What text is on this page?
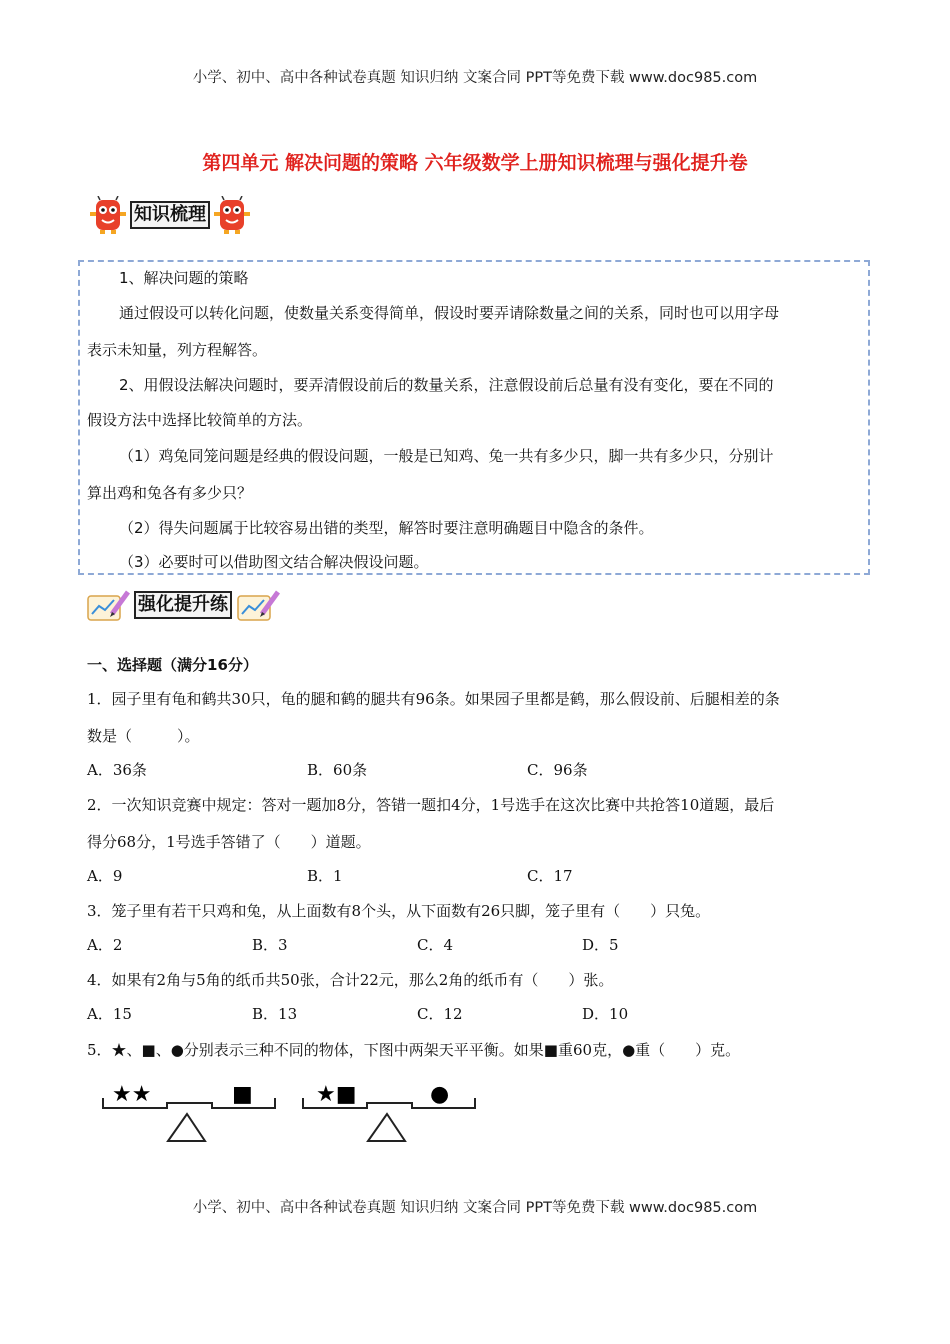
小学、初中、高中各种试卷真题 知识归纳 文案合同 PPT等免费下载 www.doc985.com
第四单元 解决问题的策略 六年级数学上册知识梳理与强化提升卷
知识梳理
1、解决问题的策略
通过假设可以转化问题，使数量关系变得简单，假设时要弄请除数量之间的关系，同时也可以用字母
表示未知量，列方程解答。
2、用假设法解决问题时，要弄清假设前后的数量关系，注意假设前后总量有没有变化，要在不同的
假设方法中选择比较简单的方法。
（1）鸡兔同笼问题是经典的假设问题，一般是已知鸡、兔一共有多少只，脚一共有多少只，分别计
算出鸡和兔各有多少只？
（2）得失问题属于比较容易出错的类型，解答时要注意明确题目中隐含的条件。
（3）必要时可以借助图文结合解决假设问题。
强化提升练
一、选择题（满分16分）
1．园子里有龟和鹤共30只，龟的腿和鹤的腿共有96条。如果园子里都是鹤，那么假设前、后腿相差的条
数是（　　　）。
A．36条	B．60条	C．96条
2．一次知识竞赛中规定：答对一题加8分，答错一题扣4分，1号选手在这次比赛中共抢答10道题，最后
得分68分，1号选手答错了（　　）道题。
A．9	B．1	C．17
3．笼子里有若干只鸡和兔，从上面数有8个头，从下面数有26只脚，笼子里有（　　）只兔。
A．2	B．3	C．4	D．5
4．如果有2角与5角的纸币共50张，合计22元，那么2角的纸币有（　　）张。
A．15	B．13	C．12	D．10
5．★、■、●分别表示三种不同的物体，下图中两架天平平衡。如果■重60克，●重（　　）克。
★★	■	★■	●
小学、初中、高中各种试卷真题 知识归纳 文案合同 PPT等免费下载 www.doc985.com
